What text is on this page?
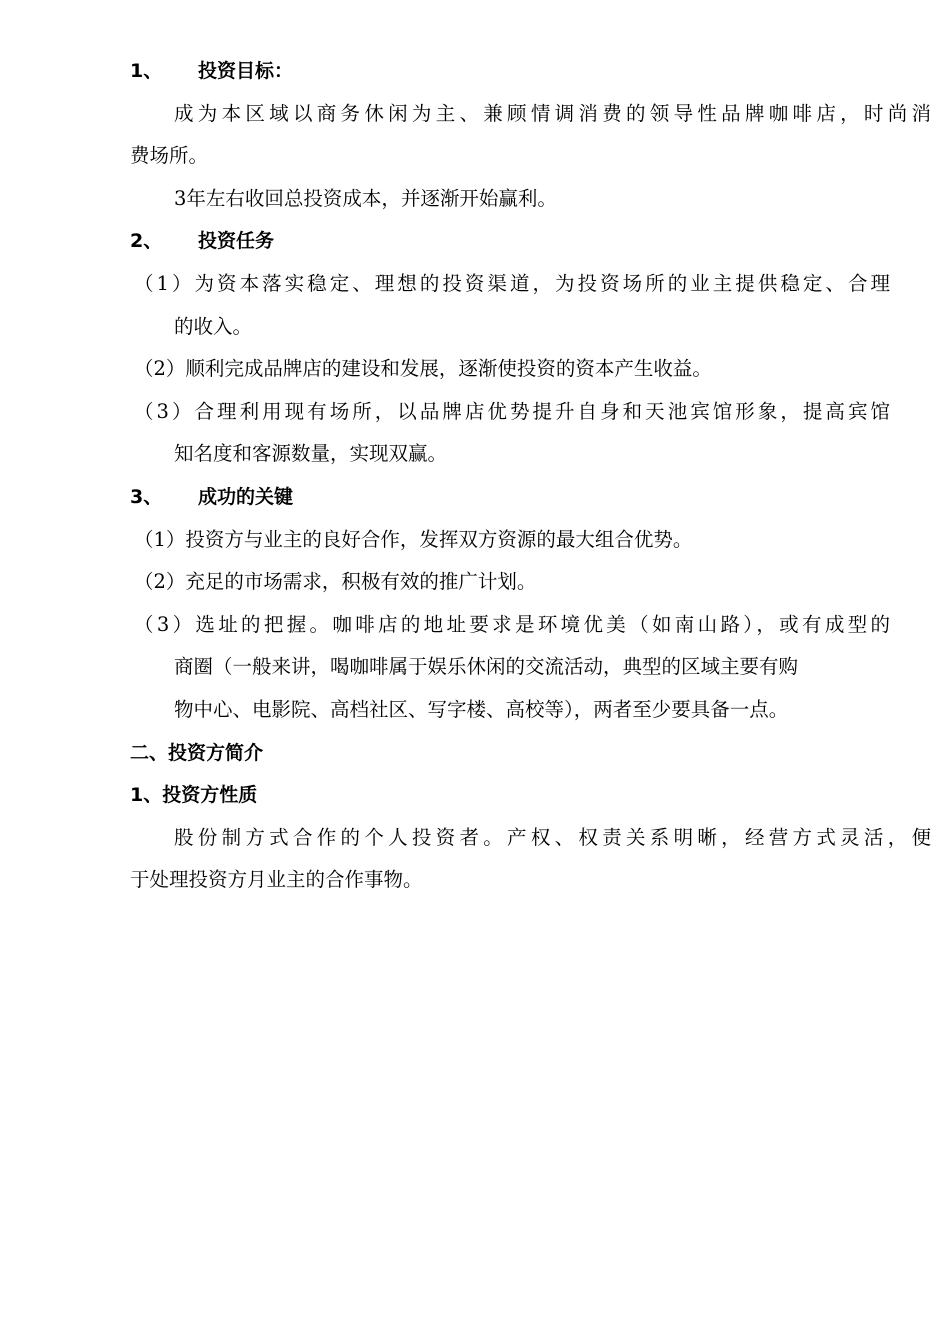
1、 投资目标：
成为本区域以商务休闲为主、兼顾情调消费的领导性品牌咖啡店，时尚消
费场所。
3年左右收回总投资成本，并逐渐开始赢利。
2、 投资任务
（1）为资本落实稳定、理想的投资渠道，为投资场所的业主提供稳定、合理
的收入。
（2）顺利完成品牌店的建设和发展，逐渐使投资的资本产生收益。
（3）合理利用现有场所，以品牌店优势提升自身和天池宾馆形象，提高宾馆
知名度和客源数量，实现双赢。
3、 成功的关键
（1）投资方与业主的良好合作，发挥双方资源的最大组合优势。
（2）充足的市场需求，积极有效的推广计划。
（3）选址的把握。咖啡店的地址要求是环境优美（如南山路），或有成型的
商圈（一般来讲，喝咖啡属于娱乐休闲的交流活动，典型的区域主要有购
物中心、电影院、高档社区、写字楼、高校等），两者至少要具备一点。
二、投资方简介
1、投资方性质
股份制方式合作的个人投资者。产权、权责关系明晰，经营方式灵活，便
于处理投资方月业主的合作事物。
